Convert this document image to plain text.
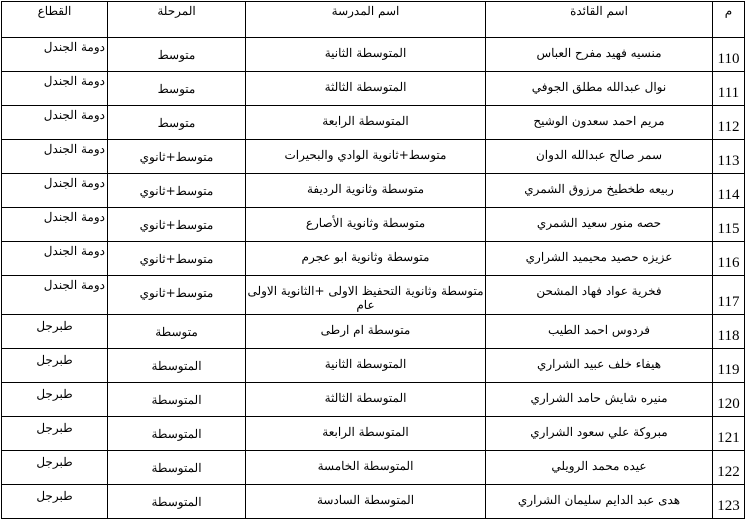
م	اسم القائدة	اسم المدرسة	المرحلة	القطاع
110	منسيه فهيد مفرح العباس	المتوسطة الثانية	متوسط	دومة الجندل
111	نوال عبدالله مطلق الجوفي	المتوسطة الثالثة	متوسط	دومة الجندل
112	مريم احمد سعدون الوشيح	المتوسطة الرابعة	متوسط	دومة الجندل
113	سمر صالح عبدالله الدوان	متوسط+ثانوية الوادي والبحيرات	متوسط+ثانوي	دومة الجندل
114	ربيعه طخطيخ مرزوق الشمري	متوسطة وثانوية الرديفة	متوسط+ثانوي	دومة الجندل
115	حصه منور سعيد الشمري	متوسطة وثانوية الأصارع	متوسط+ثانوي	دومة الجندل
116	عزيزه حصيد محيميد الشراري	متوسطة وثانوية ابو عجرم	متوسط+ثانوي	دومة الجندل
117	فخرية عواد فهاد المشحن	متوسطة وثانوية التحفيظ الاولى +الثانوية الاولى عام	متوسط+ثانوي	دومة الجندل
118	فردوس احمد الطيب	متوسطة ام ارطى	متوسطة	طبرجل
119	هيفاء خلف عبيد الشراري	المتوسطة الثانية	المتوسطة	طبرجل
120	منيره شايش حامد الشراري	المتوسطة الثالثة	المتوسطة	طبرجل
121	مبروكة علي سعود الشراري	المتوسطة الرابعة	المتوسطة	طبرجل
122	عيده محمد الرويلي	المتوسطة الخامسة	المتوسطة	طبرجل
123	هدى عبد الدايم سليمان الشراري	المتوسطة السادسة	المتوسطة	طبرجل
